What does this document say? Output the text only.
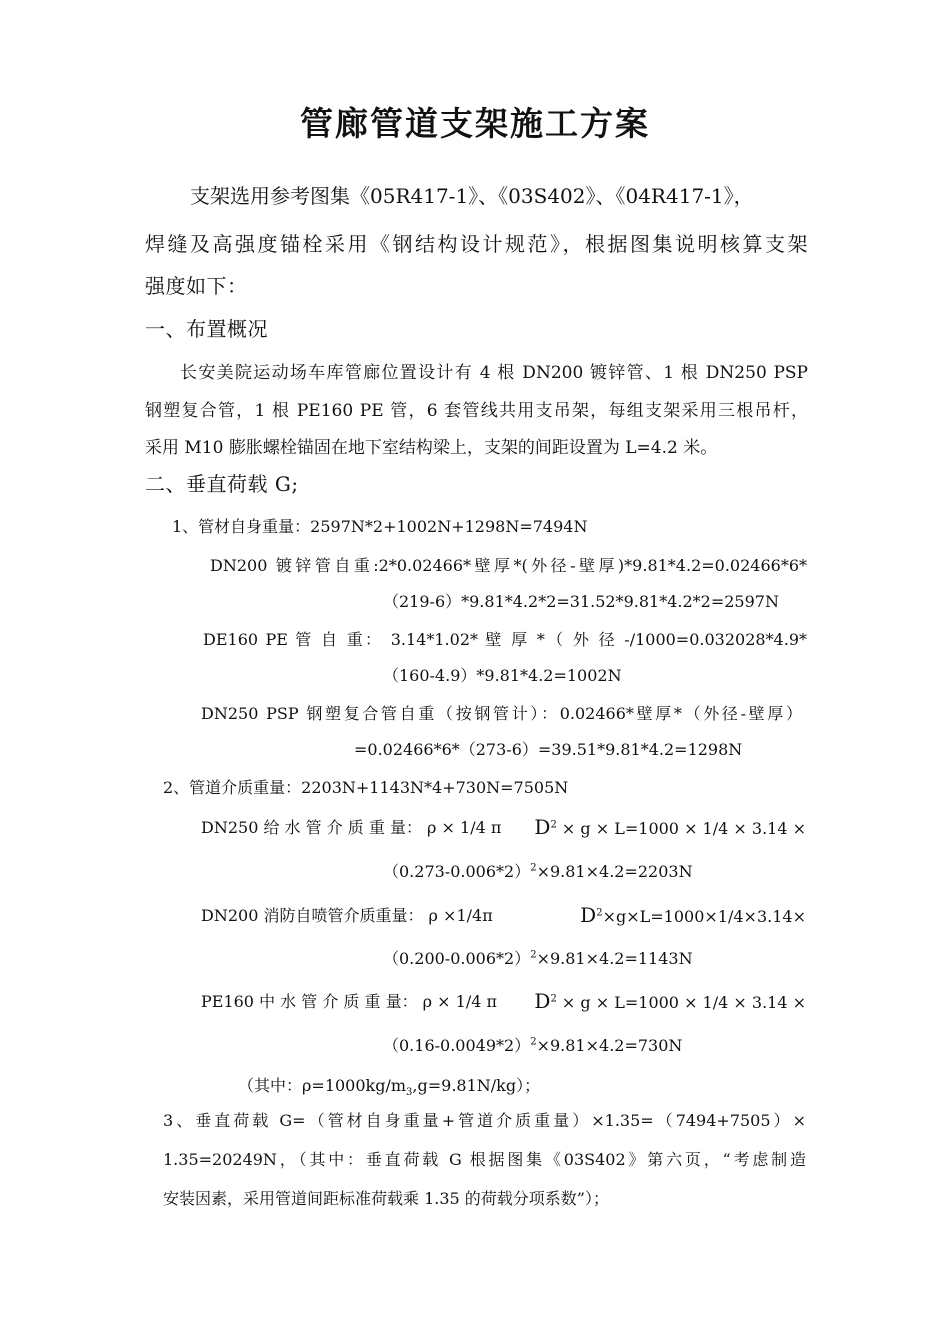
管廊管道支架施工方案
支架选用参考图集《05R417-1》、《03S402》、《04R417-1》，
焊缝及高强度锚栓采用《钢结构设计规范》，根据图集说明核算支架
强度如下：
一、布置概况
长安美院运动场车库管廊位置设计有 4 根 DN200 镀锌管、1 根 DN250 PSP
钢塑复合管，1 根 PE160 PE 管，6 套管线共用支吊架，每组支架采用三根吊杆，
采用 M10 膨胀螺栓锚固在地下室结构梁上，支架的间距设置为 L=4.2 米。
二、垂直荷载 G;
1、管材自身重量：2597N*2+1002N+1298N=7494N
DN200 镀锌管自重:2*0.02466*壁厚*(外径-壁厚)*9.81*4.2=0.02466*6*
（219-6）*9.81*4.2*2=31.52*9.81*4.2*2=2597N
DE160 PE 管 自 重： 3.14*1.02* 壁 厚 *（ 外 径 -/1000=0.032028*4.9*
（160-4.9）*9.81*4.2=1002N
DN250 PSP 钢塑复合管自重（按钢管计）：0.02466*壁厚*（外径-壁厚）
=0.02466*6*（273-6）=39.51*9.81*4.2=1298N
2、管道介质重量：2203N+1143N*4+730N=7505N
DN250 给 水 管 介 质 重 量： ρ × 1/4 π $D^2 \times g \times L=1000 \times 1/4 \times 3.14$ ×
$(0.273-0.006*2)^2\times 9.81\times 4.2=2203N$
DN200 消防自喷管介质重量： ρ ×1/4π	$D^2\times g\times L=1000\times 1/4\times 3.14\times$
$(0.200-0.006*2)^2\times 9.81\times 4.2=1143N$
PE160 中 水 管 介 质 重 量： ρ × 1/4 π $D^2 \times g \times L=1000 \times 1/4 \times 3.14$ ×
$(0.16-0.0049*2)^2\times 9.81\times 4.2=730N$
（其中：$\rho=1000kg/m_3,g=9.81N/kg$）；
3、垂直荷载 G=（管材自身重量+管道介质重量）×1.35=（7494+7505）×
1.35=20249N，（其中：垂直荷载 G 根据图集《03S402》第六页，“考虑制造
安装因素，采用管道间距标准荷载乘 1.35 的荷载分项系数”）；
